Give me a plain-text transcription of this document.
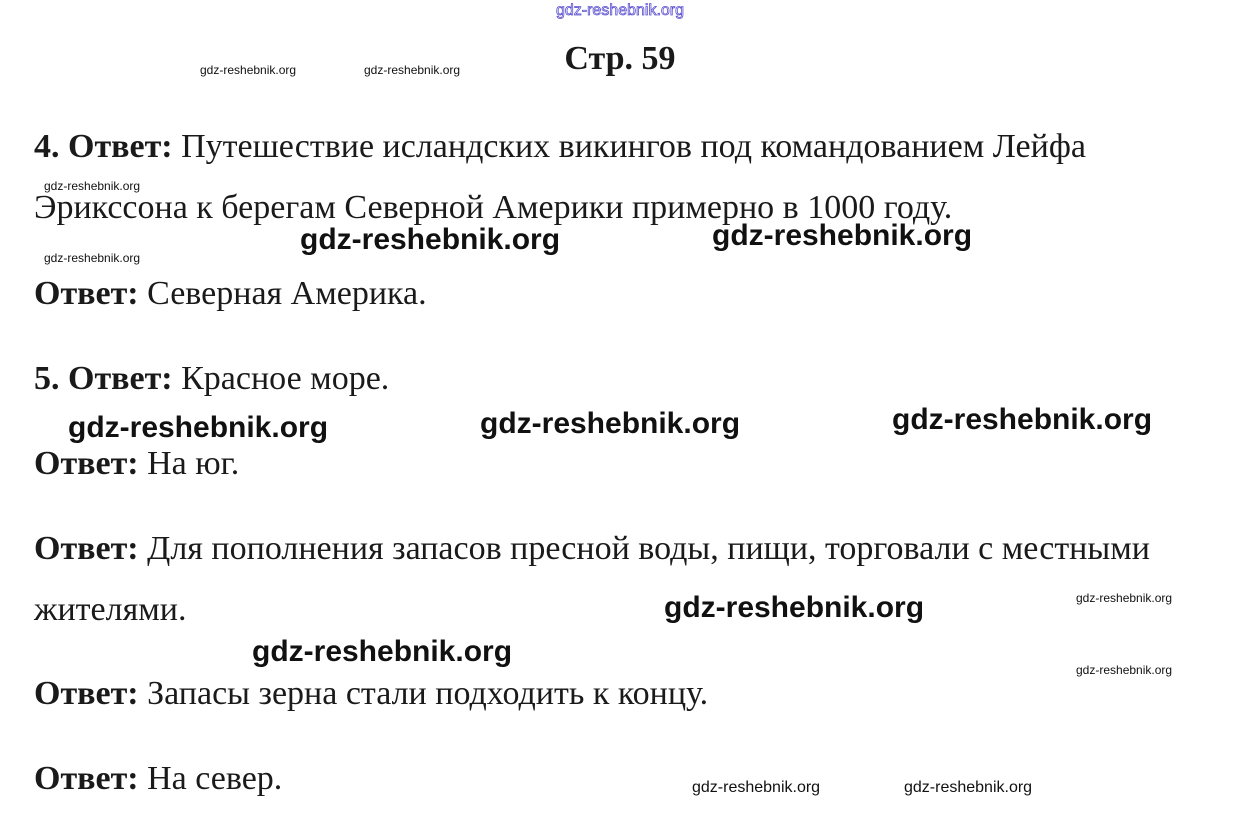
gdz-reshebnik.org
Стр. 59
4. Ответ: Путешествие исландских викингов под командованием Лейфа Эрикссона к берегам Северной Америки примерно в 1000 году.
Ответ: Северная Америка.
5. Ответ: Красное море.
Ответ: На юг.
Ответ: Для пополнения запасов пресной воды, пищи, торговали с местными жителями.
Ответ: Запасы зерна стали подходить к концу.
Ответ: На север.
gdz-reshebnik.org	gdz-reshebnik.org
gdz-reshebnik.org
gdz-reshebnik.org
gdz-reshebnik.org	gdz-reshebnik.org
gdz-reshebnik.org	gdz-reshebnik.org	gdz-reshebnik.org
gdz-reshebnik.org	gdz-reshebnik.org
gdz-reshebnik.org
gdz-reshebnik.org
gdz-reshebnik.org	gdz-reshebnik.org
